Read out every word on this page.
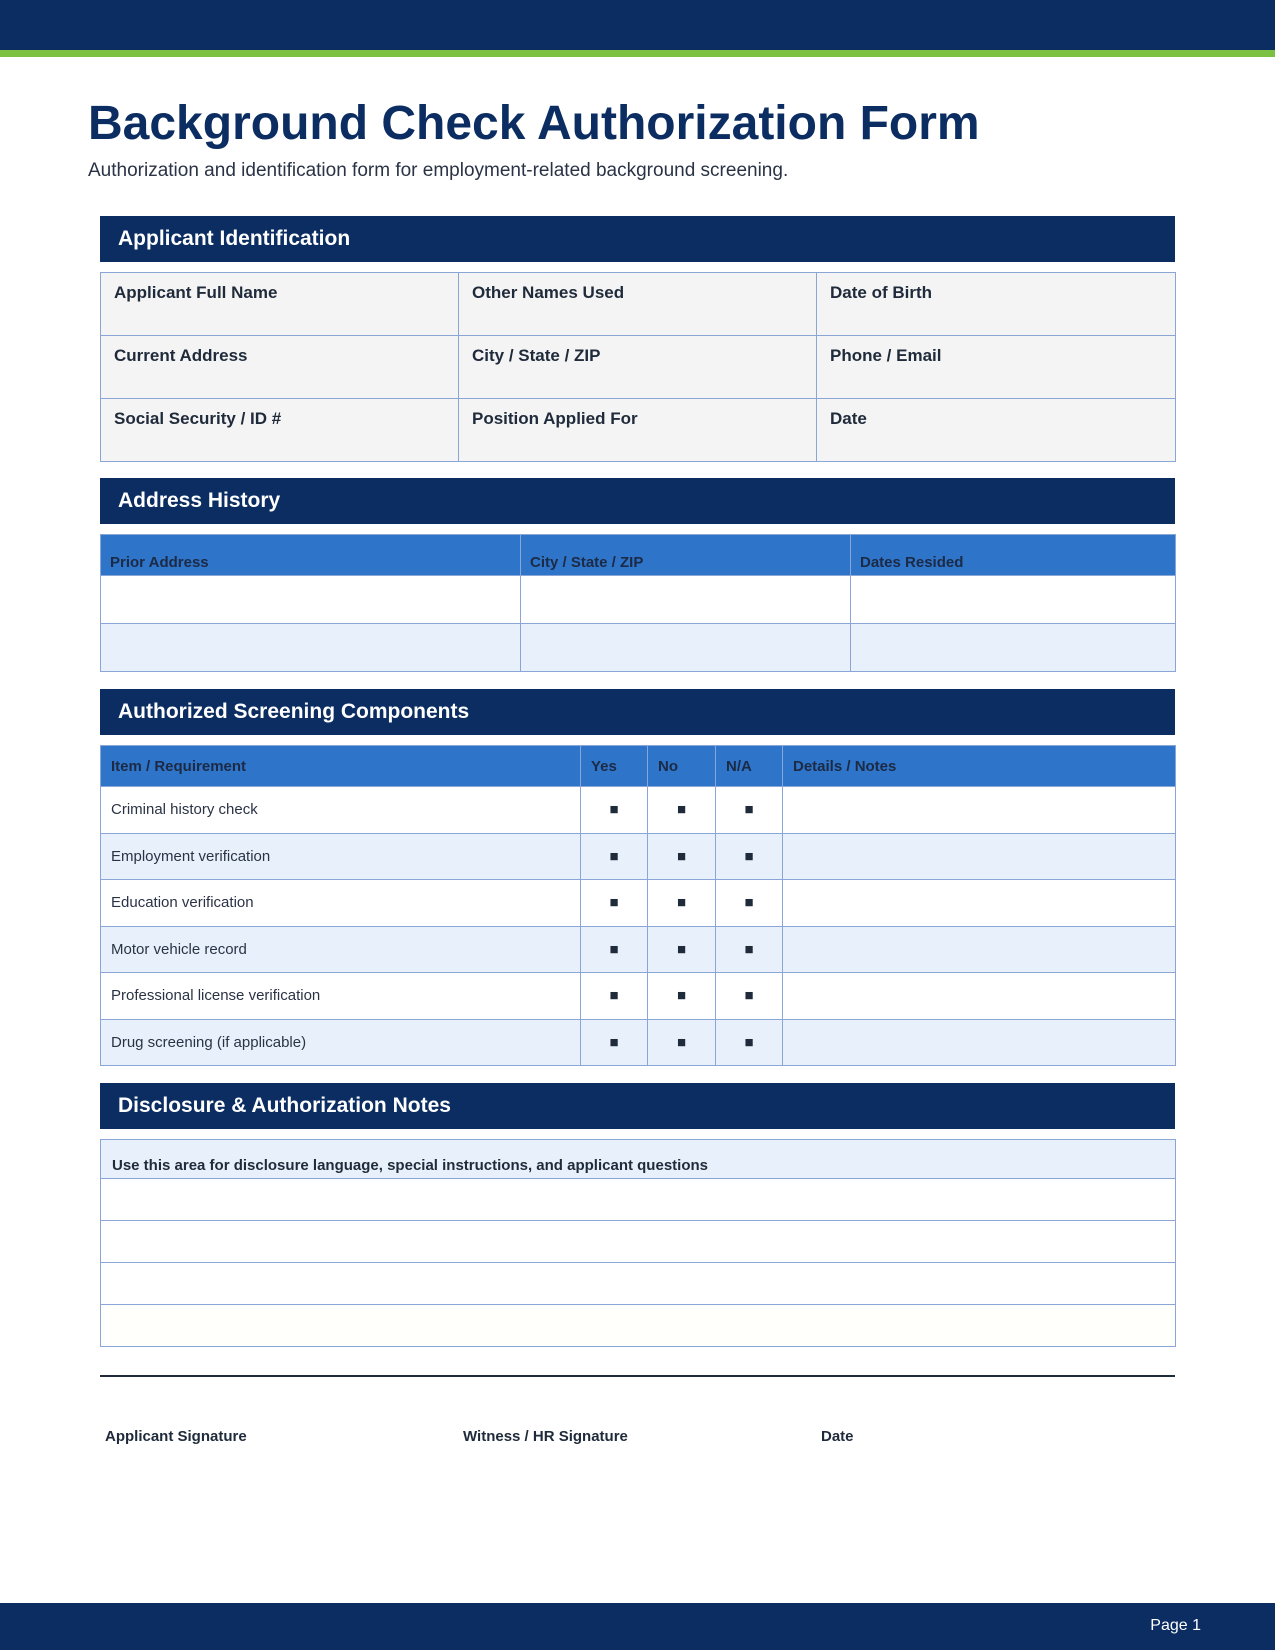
Background Check Authorization Form

Authorization and identification form for employment-related background screening.

Applicant Identification
Applicant Full Name	Other Names Used	Date of Birth
Current Address	City / State / ZIP	Phone / Email
Social Security / ID #	Position Applied For	Date
Address History
Prior Address	City / State / ZIP	Dates Resided

Authorized Screening Components
Item / Requirement	Yes	No	N/A	Details / Notes
Criminal history check	■	■	■	
Employment verification	■	■	■	
Education verification	■	■	■	
Motor vehicle record	■	■	■	
Professional license verification	■	■	■	
Drug screening (if applicable)	■	■	■	
Disclosure & Authorization Notes
Use this area for disclosure language, special instructions, and applicant questions

Applicant Signature	Witness / HR Signature	Date
Page 1
